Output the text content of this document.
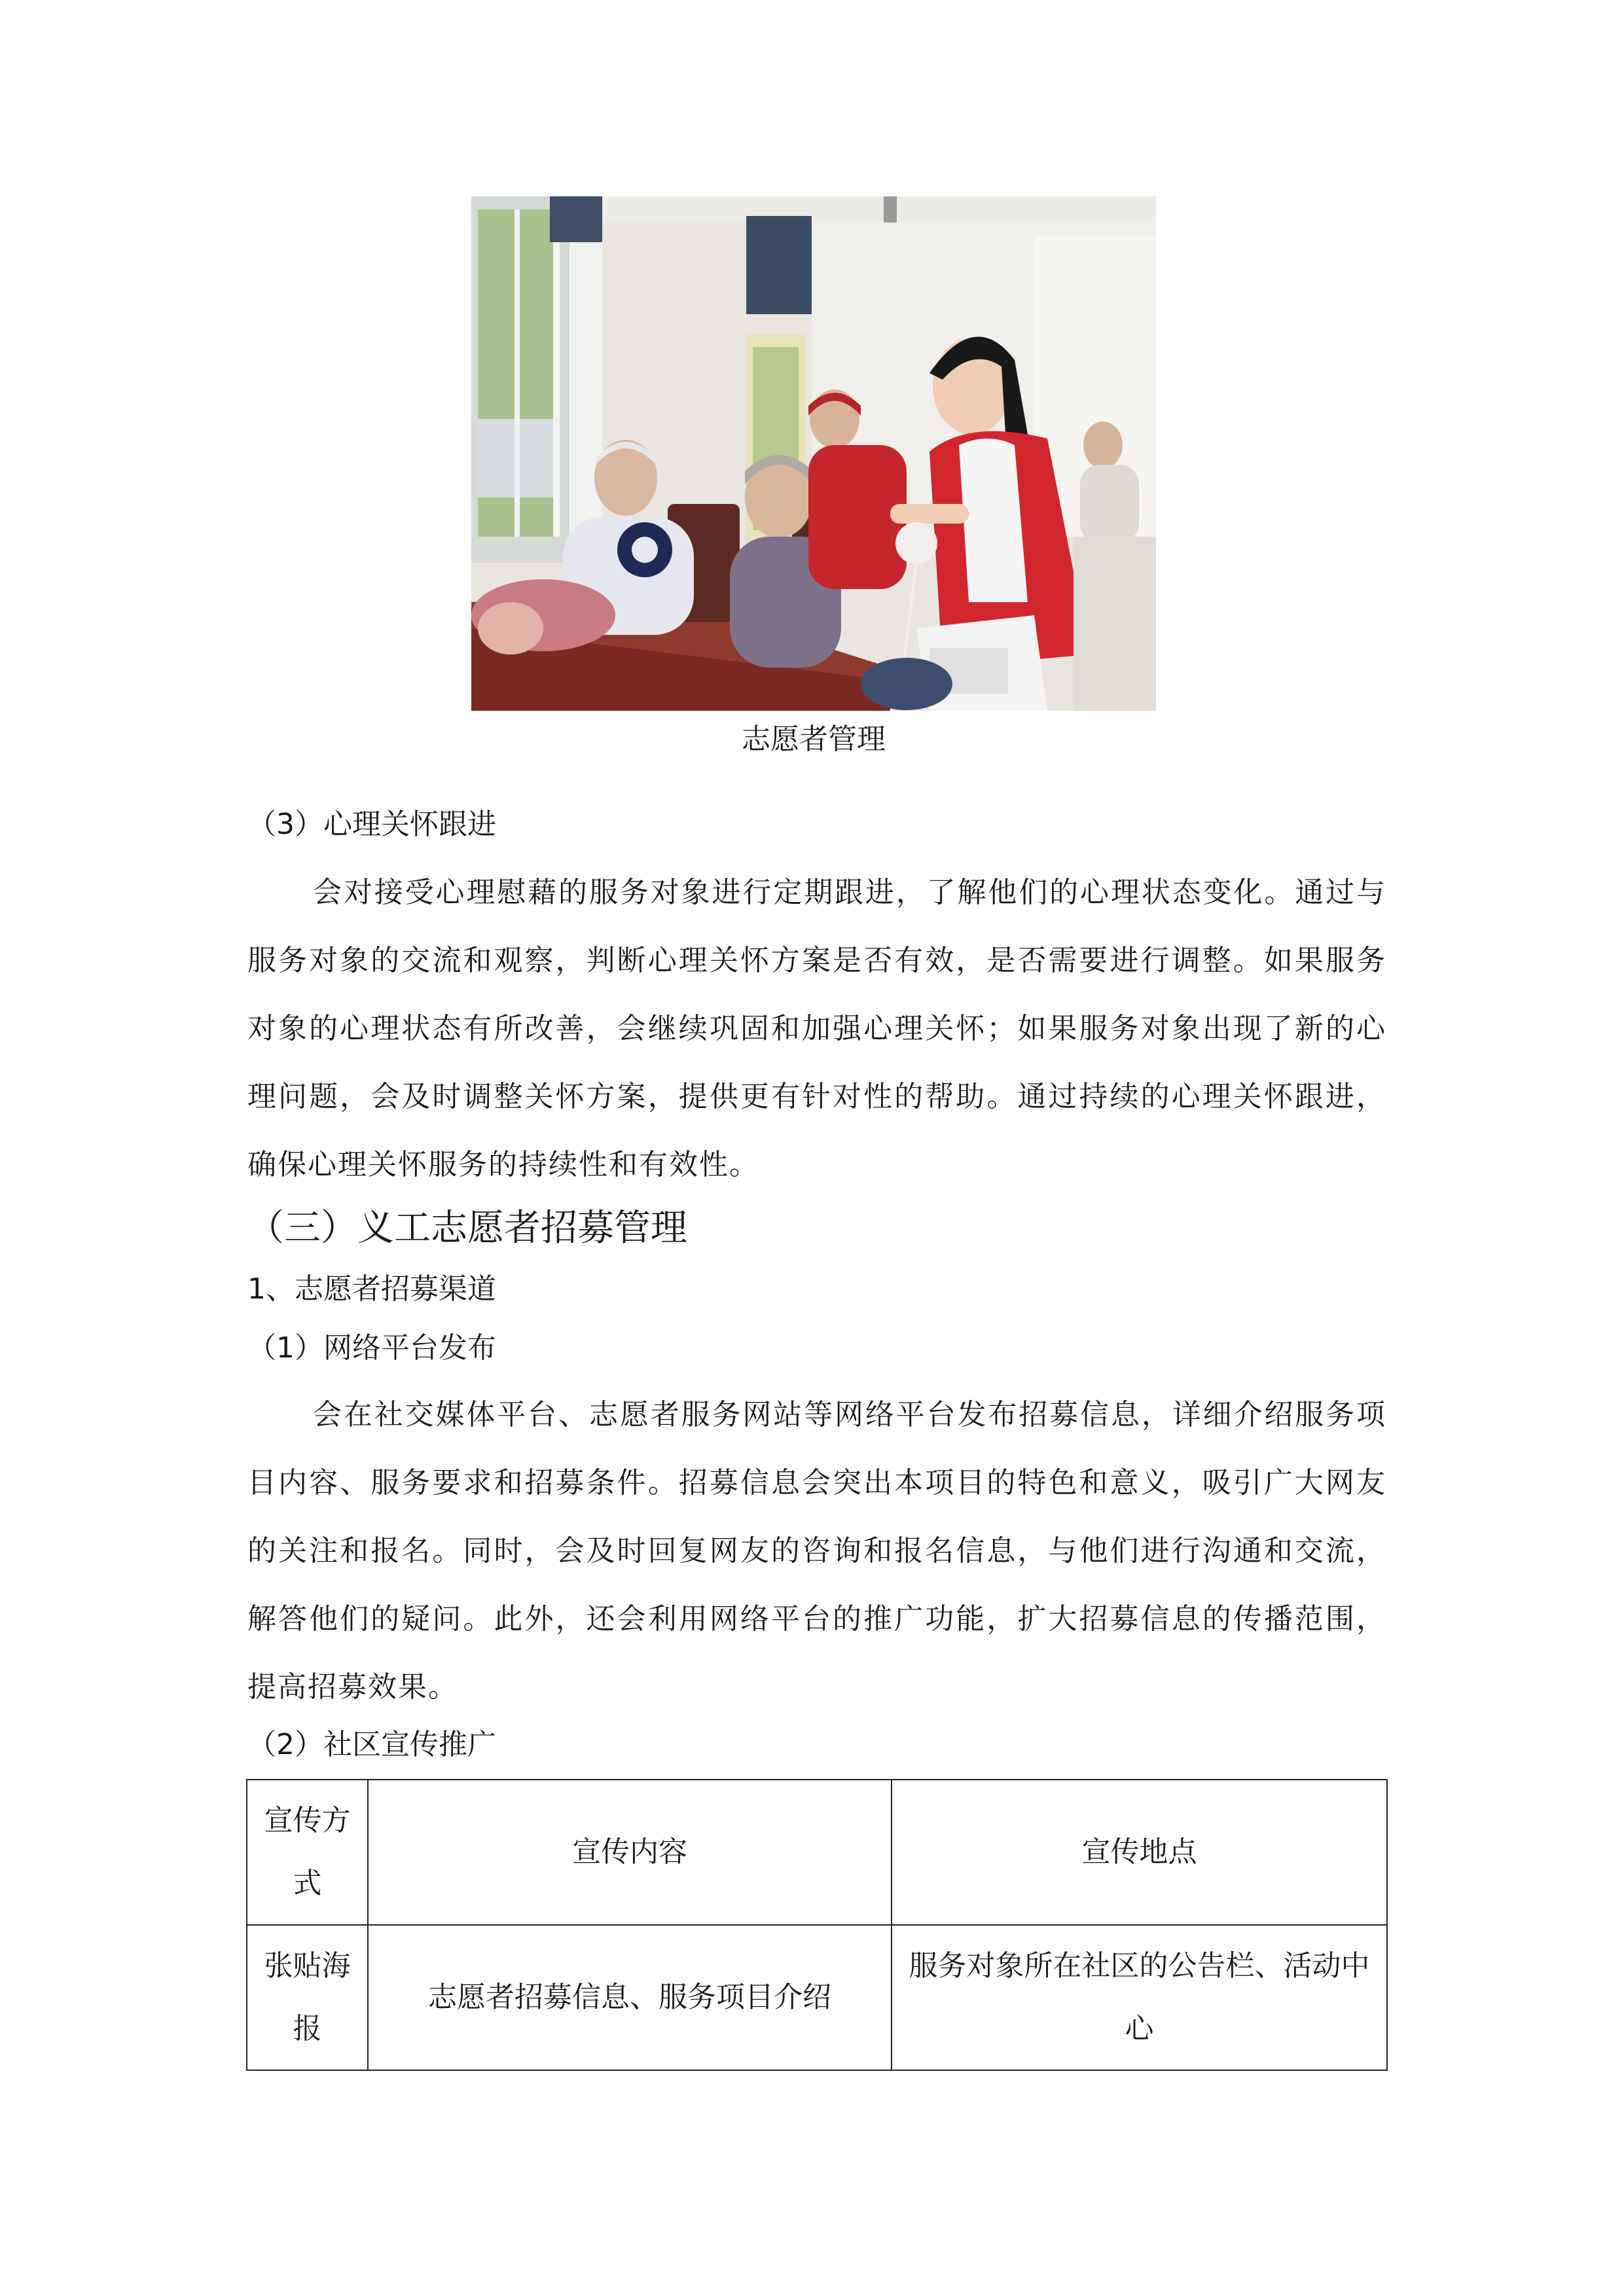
志愿者管理
（3）心理关怀跟进
会对接受心理慰藉的服务对象进行定期跟进，了解他们的心理状态变化。通过与服务对象的交流和观察，判断心理关怀方案是否有效，是否需要进行调整。如果服务对象的心理状态有所改善，会继续巩固和加强心理关怀；如果服务对象出现了新的心理问题，会及时调整关怀方案，提供更有针对性的帮助。通过持续的心理关怀跟进，确保心理关怀服务的持续性和有效性。
（三）义工志愿者招募管理
1、志愿者招募渠道
（1）网络平台发布
会在社交媒体平台、志愿者服务网站等网络平台发布招募信息，详细介绍服务项目内容、服务要求和招募条件。招募信息会突出本项目的特色和意义，吸引广大网友的关注和报名。同时，会及时回复网友的咨询和报名信息，与他们进行沟通和交流，解答他们的疑问。此外，还会利用网络平台的推广功能，扩大招募信息的传播范围，提高招募效果。
（2）社区宣传推广
宣传方式	宣传内容	宣传地点
张贴海报	志愿者招募信息、服务项目介绍	服务对象所在社区的公告栏、活动中心
